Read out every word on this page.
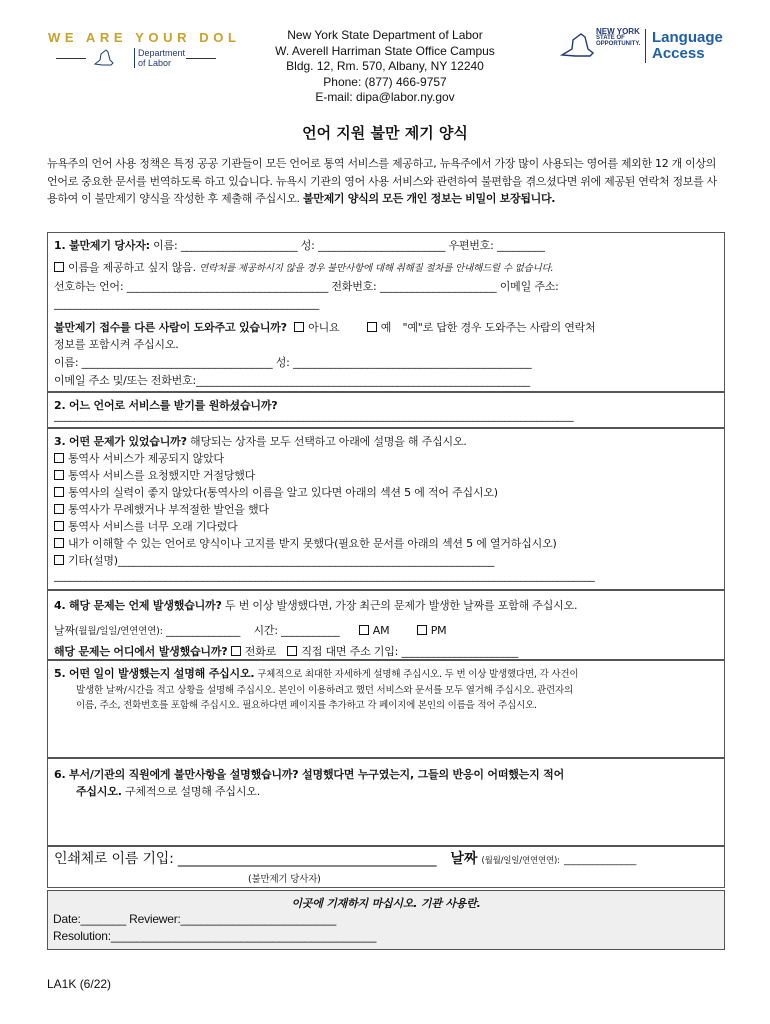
WE ARE YOUR DOL
Department
of Labor
New York State Department of Labor
W. Averell Harriman State Office Campus
Bldg. 12, Rm. 570, Albany, NY 12240
Phone: (877) 466-9757
E-mail: dipa@labor.ny.gov
NEW YORK
STATE OF
OPPORTUNITY. Language
Access
언어 지원 불만 제기 양식
뉴욕주의 언어 사용 정책은 특정 공공 기관들이 모든 언어로 통역 서비스를 제공하고, 뉴욕주에서 가장 많이 사용되는 영어를 제외한 12 개 이상의 언어로 중요한 문서를 번역하도록 하고 있습니다. 뉴욕시 기관의 영어 사용 서비스와 관련하여 불편함을 겪으셨다면 위에 제공된 연락처 정보를 사용하여 이 불만제기 양식을 작성한 후 제출해 주십시오. 불만제기 양식의 모든 개인 정보는 비밀이 보장됩니다.
1. 불만제기 당사자: 이름: ______________________ 성: ________________________ 우편번호: _________
이름을 제공하고 싶지 않음. 연락처를 제공하시지 않을 경우 불만사항에 대해 취해질 절차를 안내해드릴 수 없습니다.
선호하는 언어: ______________________________________ 전화번호: ______________________ 이메일 주소:
__________________________________________________
불만제기 접수를 다른 사람이 도와주고 있습니까? 아니요	예 "예"로 답한 경우 도와주는 사람의 연락처
정보를 포함시켜 주십시오.
이름: ____________________________________ 성: _____________________________________________
이메일 주소 및/또는 전화번호:_______________________________________________________________
2. 어느 언어로 서비스를 받기를 원하셨습니까?
__________________________________________________________________________________________________
3. 어떤 문제가 있었습니까? 해당되는 상자를 모두 선택하고 아래에 설명을 해 주십시오.
통역사 서비스가 제공되지 않았다
통역사 서비스를 요청했지만 거절당했다
통역사의 실력이 좋지 않았다(통역사의 이름을 알고 있다면 아래의 섹션 5 에 적어 주십시오)
통역사가 무례했거나 부적절한 발언을 했다
통역사 서비스를 너무 오래 기다렸다
내가 이해할 수 있는 언어로 양식이나 고지를 받지 못했다(필요한 문서를 아래의 섹션 5 에 열거하십시오)
기타(설명)_______________________________________________________________________
______________________________________________________________________________________________________
4. 해당 문제는 언제 발생했습니까? 두 번 이상 발생했다면, 가장 최근의 문제가 발생한 날짜를 포함해 주십시오.
날짜(월월/일일/연연연연): ______________ 시간: ___________	AM	PM
해당 문제는 어디에서 발생했습니까? 전화로 직접 대면 주소 기입: ______________________
5. 어떤 일이 발생했는지 설명해 주십시오. 구체적으로 최대한 자세하게 설명해 주십시오. 두 번 이상 발생했다면, 각 사건이
발생한 날짜/시간을 적고 상황을 설명해 주십시오. 본인이 이용하려고 했던 서비스와 문서를 모두 열거해 주십시오. 관련자의
이름, 주소, 전화번호를 포함해 주십시오. 필요하다면 페이지를 추가하고 각 페이지에 본인의 이름을 적어 주십시오.
6. 부서/기관의 직원에게 불만사항을 설명했습니까? 설명했다면 누구였는지, 그들의 반응이 어떠했는지 적어
주십시오. 구체적으로 설명해 주십시오.
인쇄체로 이름 기입: ______________________________________ 날짜 (월월/일일/연연연연): _______________
(불만제기 당사자)
이곳에 기재하지 마십시오. 기관 사용란.
Date:_______ Reviewer:________________________
Resolution:_________________________________________
LA1K (6/22)
